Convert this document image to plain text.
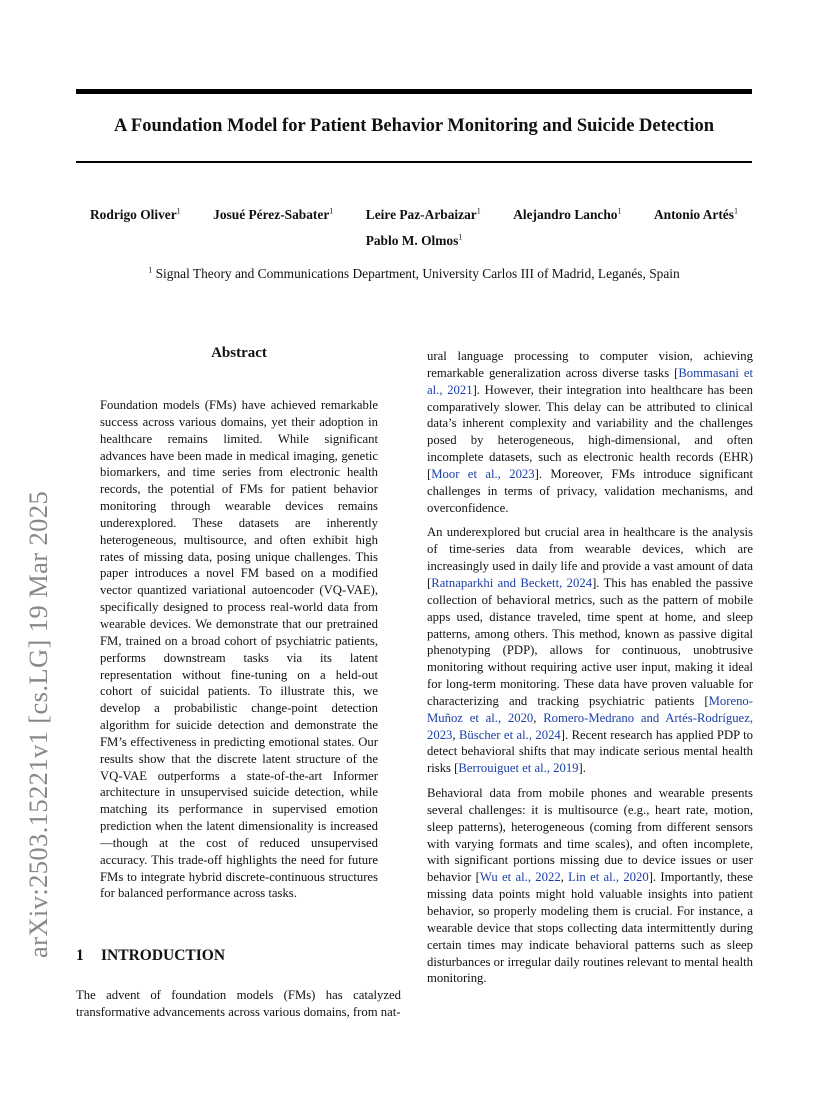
A Foundation Model for Patient Behavior Monitoring and Suicide Detection
Rodrigo Oliver$^1$ Josué Pérez-Sabater$^1$ Leire Paz-Arbaizar$^1$ Alejandro Lancho$^1$ Antonio Artés$^1$
Pablo M. Olmos$^1$
$^1$ Signal Theory and Communications Department, University Carlos III of Madrid, Leganés, Spain
arXiv:2503.15221v1 [cs.LG] 19 Mar 2025
Abstract
Foundation models (FMs) have achieved remarkable success across various domains, yet their adoption in healthcare remains limited. While significant advances have been made in medical imaging, genetic biomarkers, and time series from electronic health records, the potential of FMs for patient behavior monitoring through wearable devices remains underexplored. These datasets are inherently heterogeneous, multisource, and often exhibit high rates of missing data, posing unique challenges. This paper introduces a novel FM based on a modified vector quantized variational autoencoder (VQ-VAE), specifically designed to process real-world data from wearable devices. We demonstrate that our pretrained FM, trained on a broad cohort of psychiatric patients, performs downstream tasks via its latent representation without fine-tuning on a held-out cohort of suicidal patients. To illustrate this, we develop a probabilistic change-point detection algorithm for suicide detection and demonstrate the FM’s effectiveness in predicting emotional states. Our results show that the discrete latent structure of the VQ-VAE outperforms a state-of-the-art Informer architecture in unsupervised suicide detection, while matching its performance in supervised emotion prediction when the latent dimensionality is increased—though at the cost of reduced unsupervised accuracy. This trade-off highlights the need for future FMs to integrate hybrid discrete-continuous structures for balanced performance across tasks.
1 INTRODUCTION
The advent of foundation models (FMs) has catalyzed transformative advancements across various domains, from nat-

ural language processing to computer vision, achieving remarkable generalization across diverse tasks [Bommasani et al., 2021]. However, their integration into healthcare has been comparatively slower. This delay can be attributed to clinical data’s inherent complexity and variability and the challenges posed by heterogeneous, high-dimensional, and often incomplete datasets, such as electronic health records (EHR) [Moor et al., 2023]. Moreover, FMs introduce significant challenges in terms of privacy, validation mechanisms, and overconfidence.

An underexplored but crucial area in healthcare is the analysis of time-series data from wearable devices, which are increasingly used in daily life and provide a vast amount of data [Ratnaparkhi and Beckett, 2024]. This has enabled the passive collection of behavioral metrics, such as the pattern of mobile apps used, distance traveled, time spent at home, and sleep patterns, among others. This method, known as passive digital phenotyping (PDP), allows for continuous, unobtrusive monitoring without requiring active user input, making it ideal for long-term monitoring. These data have proven valuable for characterizing and tracking psychiatric patients [Moreno-Muñoz et al., 2020, Romero-Medrano and Artés-Rodríguez, 2023, Büscher et al., 2024]. Recent research has applied PDP to detect behavioral shifts that may indicate serious mental health risks [Berrouiguet et al., 2019].

Behavioral data from mobile phones and wearable presents several challenges: it is multisource (e.g., heart rate, motion, sleep patterns), heterogeneous (coming from different sensors with varying formats and time scales), and often incomplete, with significant portions missing due to device issues or user behavior [Wu et al., 2022, Lin et al., 2020]. Importantly, these missing data points might hold valuable insights into patient behavior, so properly modeling them is crucial. For instance, a wearable device that stops collecting data intermittently during certain times may indicate behavioral patterns such as sleep disturbances or irregular daily routines relevant to mental health monitoring.
